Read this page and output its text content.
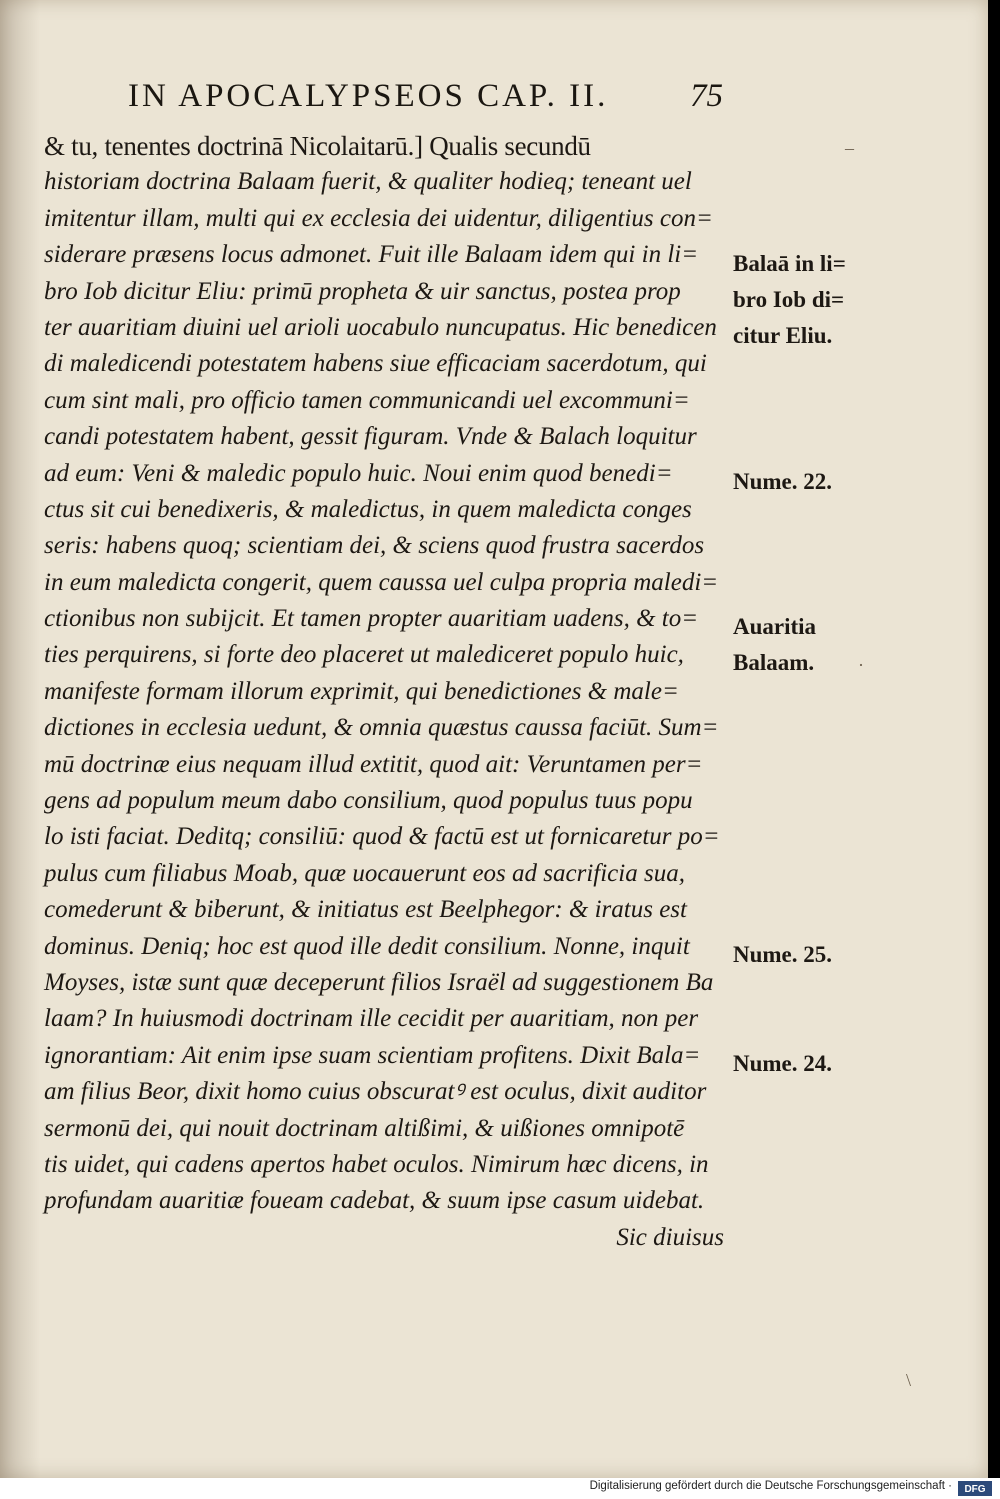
IN APOCALYPSEOS CAP. II. 75
& tu, tenentes doctrinā Nicolaitarū.] Qualis secundū
historiam doctrina Balaam fuerit, & qualiter hodieq; teneant uel
imitentur illam, multi qui ex ecclesia dei uidentur, diligentius con=
siderare præsens locus admonet. Fuit ille Balaam idem qui in li=
bro Iob dicitur Eliu: primū propheta & uir sanctus, postea prop
ter auaritiam diuini uel arioli uocabulo nuncupatus. Hic benedicen
di maledicendi potestatem habens siue efficaciam sacerdotum, qui
cum sint mali, pro officio tamen communicandi uel excommuni=
candi potestatem habent, gessit figuram. Vnde & Balach loquitur
ad eum: Veni & maledic populo huic. Noui enim quod benedi=
ctus sit cui benedixeris, & maledictus, in quem maledicta conges
seris: habens quoq; scientiam dei, & sciens quod frustra sacerdos
in eum maledicta congerit, quem caussa uel culpa propria maledi=
ctionibus non subijcit. Et tamen propter auaritiam uadens, & to=
ties perquirens, si forte deo placeret ut malediceret populo huic,
manifeste formam illorum exprimit, qui benedictiones & male=
dictiones in ecclesia uedunt, & omnia quæstus caussa faciūt. Sum=
mū doctrinæ eius nequam illud extitit, quod ait: Veruntamen per=
gens ad populum meum dabo consilium, quod populus tuus popu
lo isti faciat. Deditq; consiliū: quod & factū est ut fornicaretur po=
pulus cum filiabus Moab, quæ uocauerunt eos ad sacrificia sua,
comederunt & biberunt, & initiatus est Beelphegor: & iratus est
dominus. Deniq; hoc est quod ille dedit consilium. Nonne, inquit
Moyses, istæ sunt quæ deceperunt filios Israël ad suggestionem Ba
laam? In huiusmodi doctrinam ille cecidit per auaritiam, non per
ignorantiam: Ait enim ipse suam scientiam profitens. Dixit Bala=
am filius Beor, dixit homo cuius obscuratꝰ est oculus, dixit auditor
sermonū dei, qui nouit doctrinam altißimi, & uißiones omnipotē
tis uidet, qui cadens apertos habet oculos. Nimirum hæc dicens, in
profundam auaritiæ foueam cadebat, & suum ipse casum uidebat.
Sic diuisus
Balaā in li=
bro Iob di=
citur Eliu.
Nume. 22.
Auaritia
Balaam.
Nume. 25.
Nume. 24.
–
·
\
Digitalisierung gefördert durch die Deutsche Forschungsgemeinschaft ·	DFG
